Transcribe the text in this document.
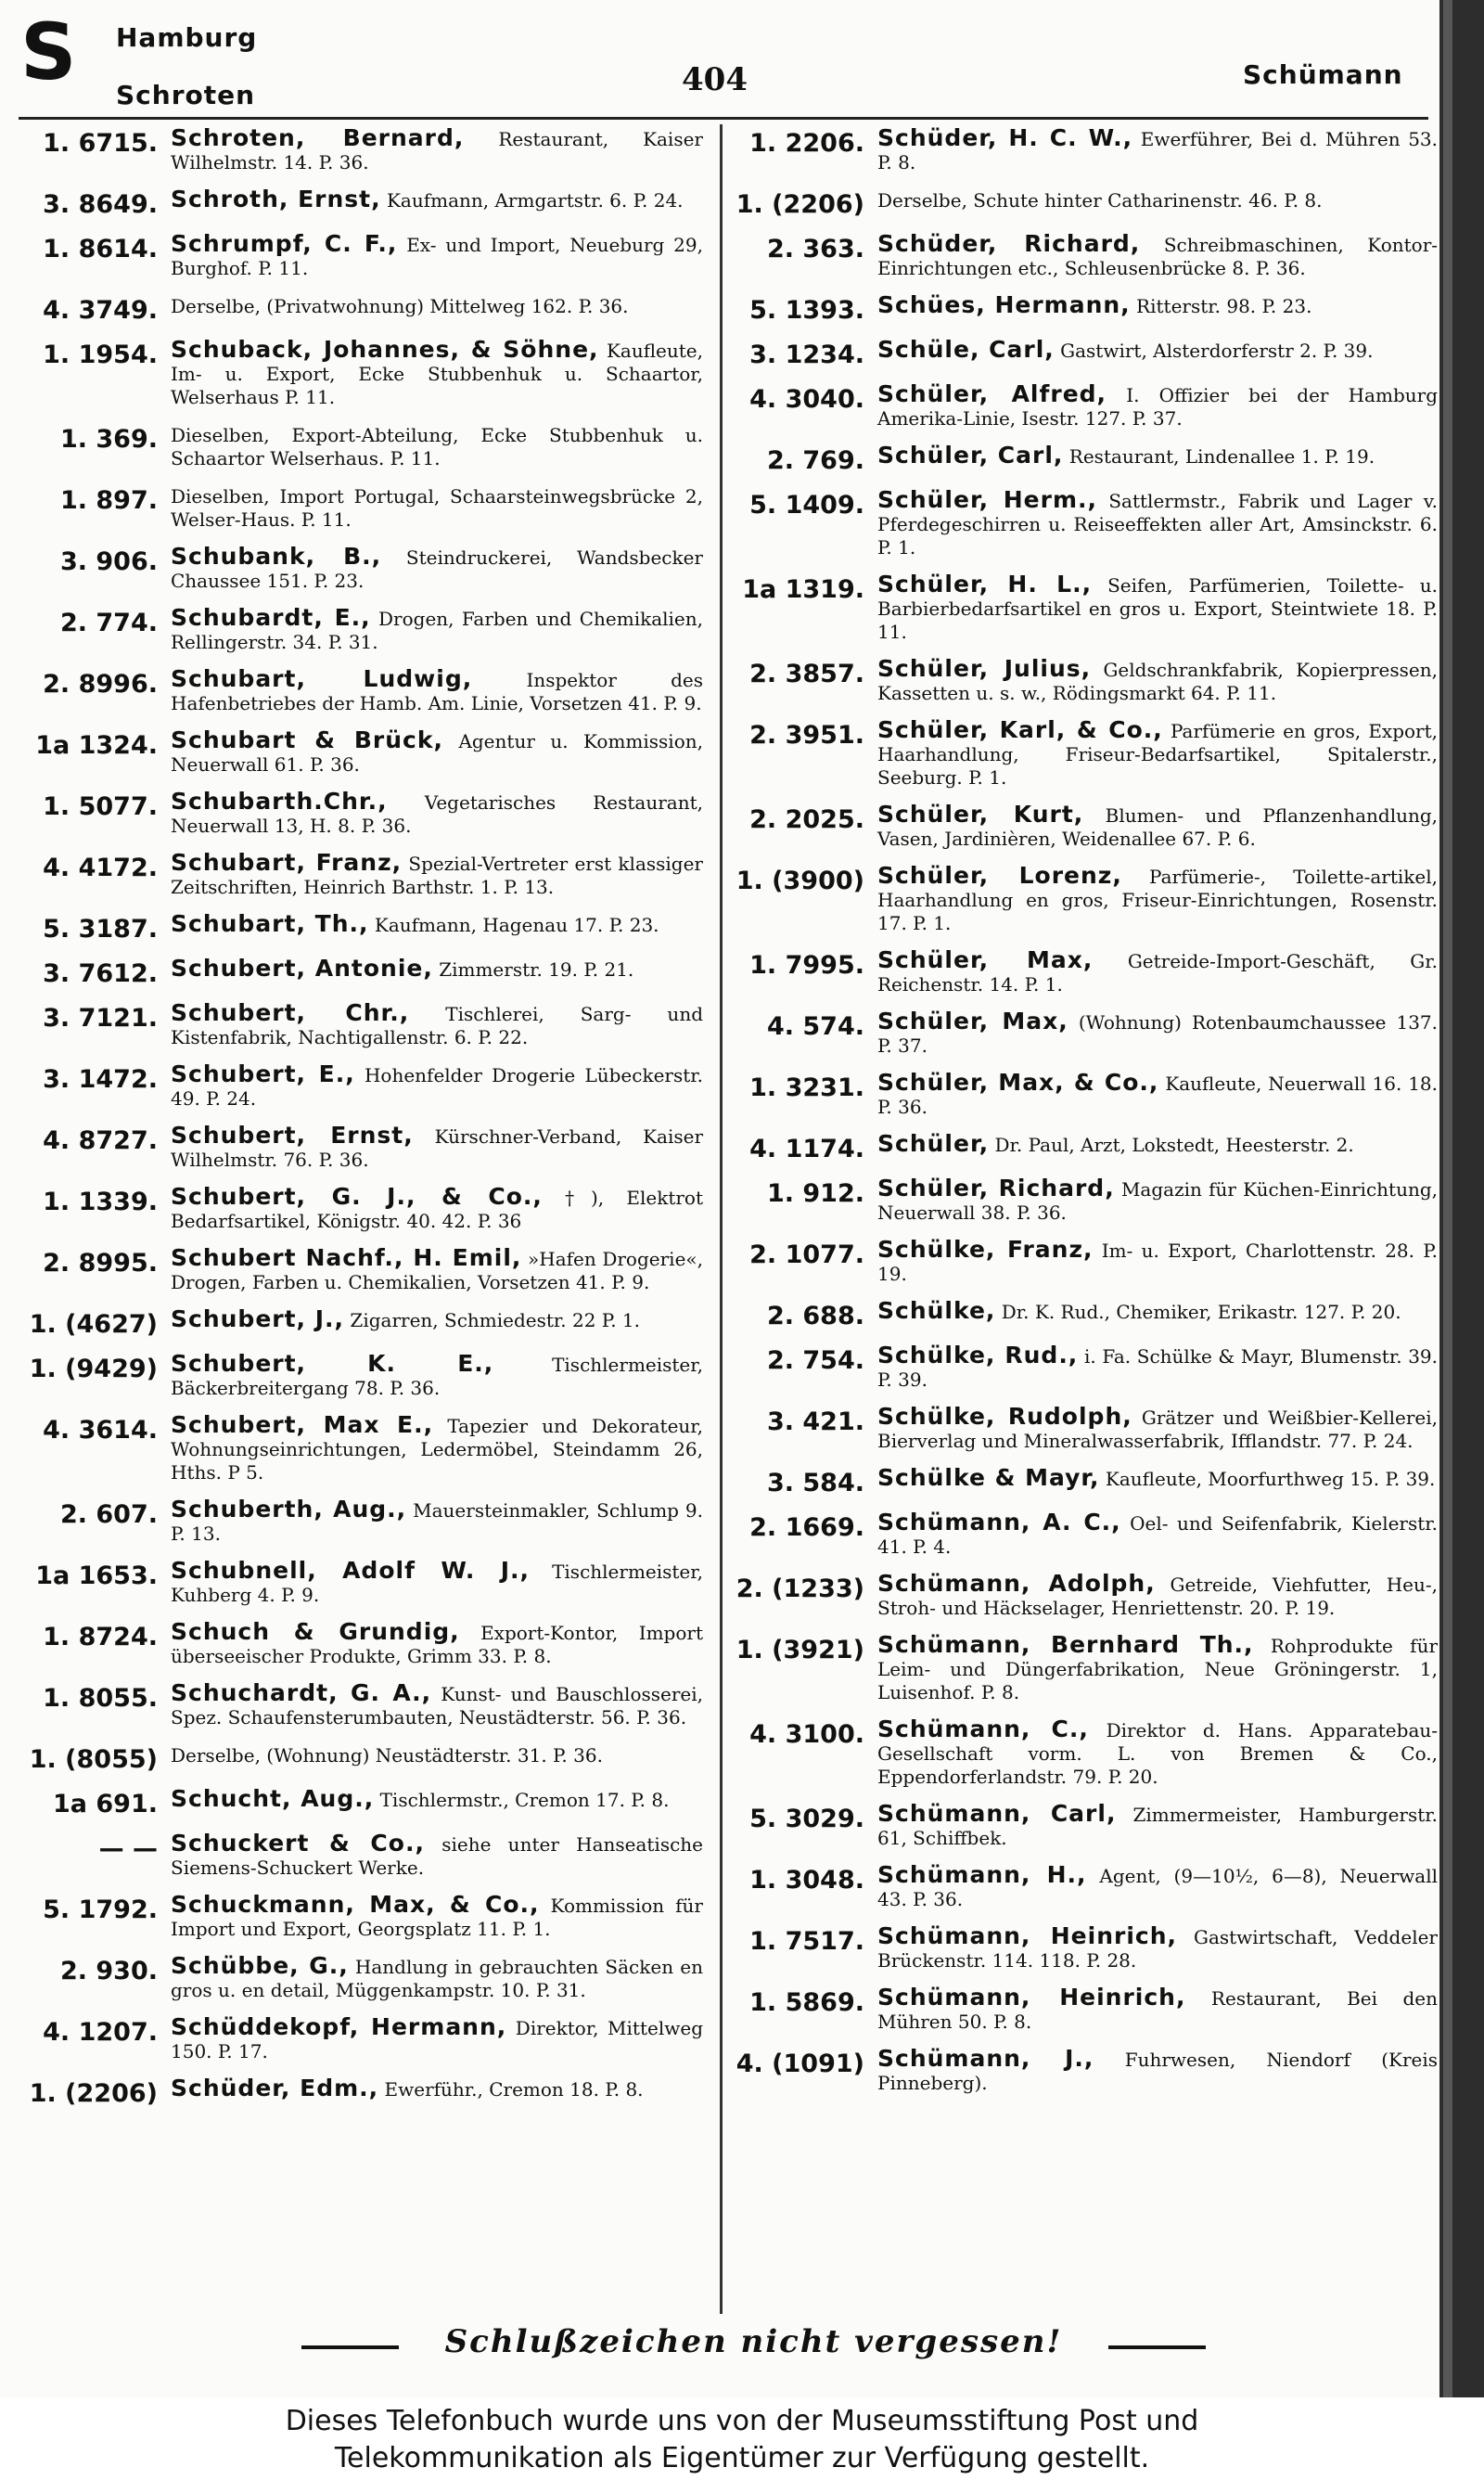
S Hamburg
Schroten	404	Schümann
1. 6715. Schroten, Bernard, Restaurant, Kaiser Wilhelmstr. 14. P. 36.
3. 8649. Schroth, Ernst, Kaufmann, Armgartstr. 6. P. 24.
1. 8614. Schrumpf, C. F., Ex- und Import, Neueburg 29, Burghof. P. 11.
4. 3749. Derselbe, (Privatwohnung) Mittelweg 162. P. 36.
1. 1954. Schuback, Johannes, & Söhne, Kaufleute, Im- u. Export, Ecke Stubbenhuk u. Schaartor, Welserhaus P. 11.
1. 369. Dieselben, Export-Abteilung, Ecke Stubbenhuk u. Schaartor Welserhaus. P. 11.
1. 897. Dieselben, Import Portugal, Schaarsteinwegsbrücke 2, Welser-Haus. P. 11.
3. 906. Schubank, B., Steindruckerei, Wandsbecker Chaussee 151. P. 23.
2. 774. Schubardt, E., Drogen, Farben und Chemikalien, Rellingerstr. 34. P. 31.
2. 8996. Schubart, Ludwig,	Inspektor des Hafenbetriebes der Hamb. Am. Linie, Vorsetzen 41. P. 9.
1a 1324. Schubart & Brück, Agentur u. Kommission, Neuerwall 61. P. 36.
1. 5077. Schubarth.Chr., Vegetarisches Restaurant, Neuerwall 13, H. 8. P. 36.
4. 4172. Schubart, Franz, Spezial-Vertreter erst klassiger Zeitschriften, Heinrich Barthstr. 1. P. 13.
5. 3187. Schubart, Th., Kaufmann, Hagenau 17. P. 23.
3. 7612. Schubert, Antonie, Zimmerstr. 19. P. 21.
3. 7121. Schubert, Chr., Tischlerei, Sarg- und Kistenfabrik, Nachtigallenstr. 6. P. 22.
3. 1472. Schubert, E., Hohenfelder Drogerie Lübeckerstr. 49. P. 24.
4. 8727. Schubert, Ernst, Kürschner-Verband, Kaiser Wilhelmstr. 76. P. 36.
1. 1339. Schubert, G. J., & Co., †), Elektrot Bedarfsartikel, Königstr. 40. 42. P. 36
2. 8995. Schubert Nachf., H. Emil, »Hafen Drogerie«, Drogen, Farben u. Chemikalien, Vorsetzen 41. P. 9.
1. (4627) Schubert, J., Zigarren, Schmiedestr. 22 P. 1.
1. (9429) Schubert, K. E.,	Tischlermeister, Bäckerbreitergang 78. P. 36.
4. 3614. Schubert, Max E., Tapezier und Dekorateur, Wohnungseinrichtungen, Ledermöbel, Steindamm 26, Hths. P 5.
2. 607. Schuberth, Aug., Mauersteinmakler, Schlump 9. P. 13.
1a 1653. Schubnell, Adolf W. J., Tischlermeister, Kuhberg 4. P. 9.
1. 8724. Schuch & Grundig, Export-Kontor, Import überseeischer Produkte, Grimm 33. P. 8.
1. 8055. Schuchardt, G. A., Kunst- und Bauschlosserei, Spez. Schaufensterumbauten, Neustädterstr. 56. P. 36.
1. (8055) Derselbe, (Wohnung) Neustädterstr. 31. P. 36.
1a 691. Schucht, Aug., Tischlermstr., Cremon 17. P. 8.
— — Schuckert & Co., siehe unter Hanseatische Siemens-Schuckert Werke.
5. 1792. Schuckmann, Max, & Co., Kommission für Import und Export, Georgsplatz 11. P. 1.
2. 930. Schübbe, G., Handlung in gebrauchten Säcken en gros u. en detail, Müggenkampstr. 10. P. 31.
4. 1207. Schüddekopf, Hermann, Direktor, Mittelweg 150. P. 17.
1. (2206) Schüder, Edm., Ewerführ., Cremon 18. P. 8.
1. 2206. Schüder, H. C. W., Ewerführer, Bei d. Mühren 53. P. 8.
1. (2206) Derselbe, Schute hinter Catharinenstr. 46. P. 8.
2. 363. Schüder, Richard, Schreibmaschinen, Kontor-Einrichtungen etc., Schleusenbrücke 8. P. 36.
5. 1393. Schües, Hermann, Ritterstr. 98. P. 23.
3. 1234. Schüle, Carl, Gastwirt, Alsterdorferstr 2. P. 39.
4. 3040. Schüler, Alfred, I. Offizier bei der Hamburg Amerika-Linie, Isestr. 127. P. 37.
2. 769. Schüler, Carl, Restaurant, Lindenallee 1. P. 19.
5. 1409. Schüler, Herm., Sattlermstr., Fabrik und Lager v. Pferdegeschirren u. Reiseeffekten aller Art, Amsinckstr. 6. P. 1.
1a 1319. Schüler, H. L., Seifen, Parfümerien, Toilette- u. Barbierbedarfsartikel en gros u. Export, Steintwiete 18. P. 11.
2. 3857. Schüler, Julius, Geldschrankfabrik, Kopierpressen, Kassetten u. s. w., Rödingsmarkt 64. P. 11.
2. 3951. Schüler, Karl, & Co., Parfümerie en gros, Export, Haarhandlung, Friseur-Bedarfsartikel, Spitalerstr., Seeburg. P. 1.
2. 2025. Schüler, Kurt, Blumen- und Pflanzenhandlung, Vasen, Jardinièren, Weidenallee 67. P. 6.
1. (3900) Schüler, Lorenz, Parfümerie-, Toilette-artikel, Haarhandlung en gros, Friseur-Einrichtungen, Rosenstr. 17. P. 1.
1. 7995. Schüler, Max, Getreide-Import-Geschäft, Gr. Reichenstr. 14. P. 1.
4. 574. Schüler, Max, (Wohnung) Rotenbaumchaussee 137. P. 37.
1. 3231. Schüler, Max, & Co., Kaufleute, Neuerwall 16. 18. P. 36.
4. 1174. Schüler, Dr. Paul, Arzt, Lokstedt, Heesterstr. 2.
1. 912. Schüler, Richard, Magazin für Küchen-Einrichtung, Neuerwall 38. P. 36.
2. 1077. Schülke, Franz, Im- u. Export, Charlottenstr. 28. P. 19.
2. 688. Schülke, Dr. K. Rud., Chemiker, Erikastr. 127. P. 20.
2. 754. Schülke, Rud., i. Fa. Schülke & Mayr, Blumenstr. 39. P. 39.
3. 421. Schülke, Rudolph, Grätzer und Weißbier-Kellerei, Bierverlag und Mineralwasserfabrik, Ifflandstr. 77. P. 24.
3. 584. Schülke & Mayr, Kaufleute, Moorfurthweg 15. P. 39.
2. 1669. Schümann, A. C., Oel- und Seifenfabrik, Kielerstr. 41. P. 4.
2. (1233) Schümann, Adolph, Getreide, Viehfutter, Heu-, Stroh- und Häckselager, Henriettenstr. 20. P. 19.
1. (3921) Schümann, Bernhard Th., Rohprodukte für Leim- und Düngerfabrikation, Neue Gröningerstr. 1, Luisenhof. P. 8.
4. 3100. Schümann, C., Direktor d. Hans. Apparatebau-Gesellschaft vorm. L. von Bremen & Co., Eppendorferlandstr. 79. P. 20.
5. 3029. Schümann, Carl, Zimmermeister, Hamburgerstr. 61, Schiffbek.
1. 3048. Schümann, H., Agent, (9—10½, 6—8), Neuerwall 43. P. 36.
1. 7517. Schümann, Heinrich, Gastwirtschaft, Veddeler Brückenstr. 114. 118. P. 28.
1. 5869. Schümann, Heinrich, Restaurant, Bei den Mühren 50. P. 8.
4. (1091) Schümann, J., Fuhrwesen, Niendorf (Kreis Pinneberg).
Schlußzeichen nicht vergessen!
Dieses Telefonbuch wurde uns von der Museumsstiftung Post und
Telekommunikation als Eigentümer zur Verfügung gestellt.
